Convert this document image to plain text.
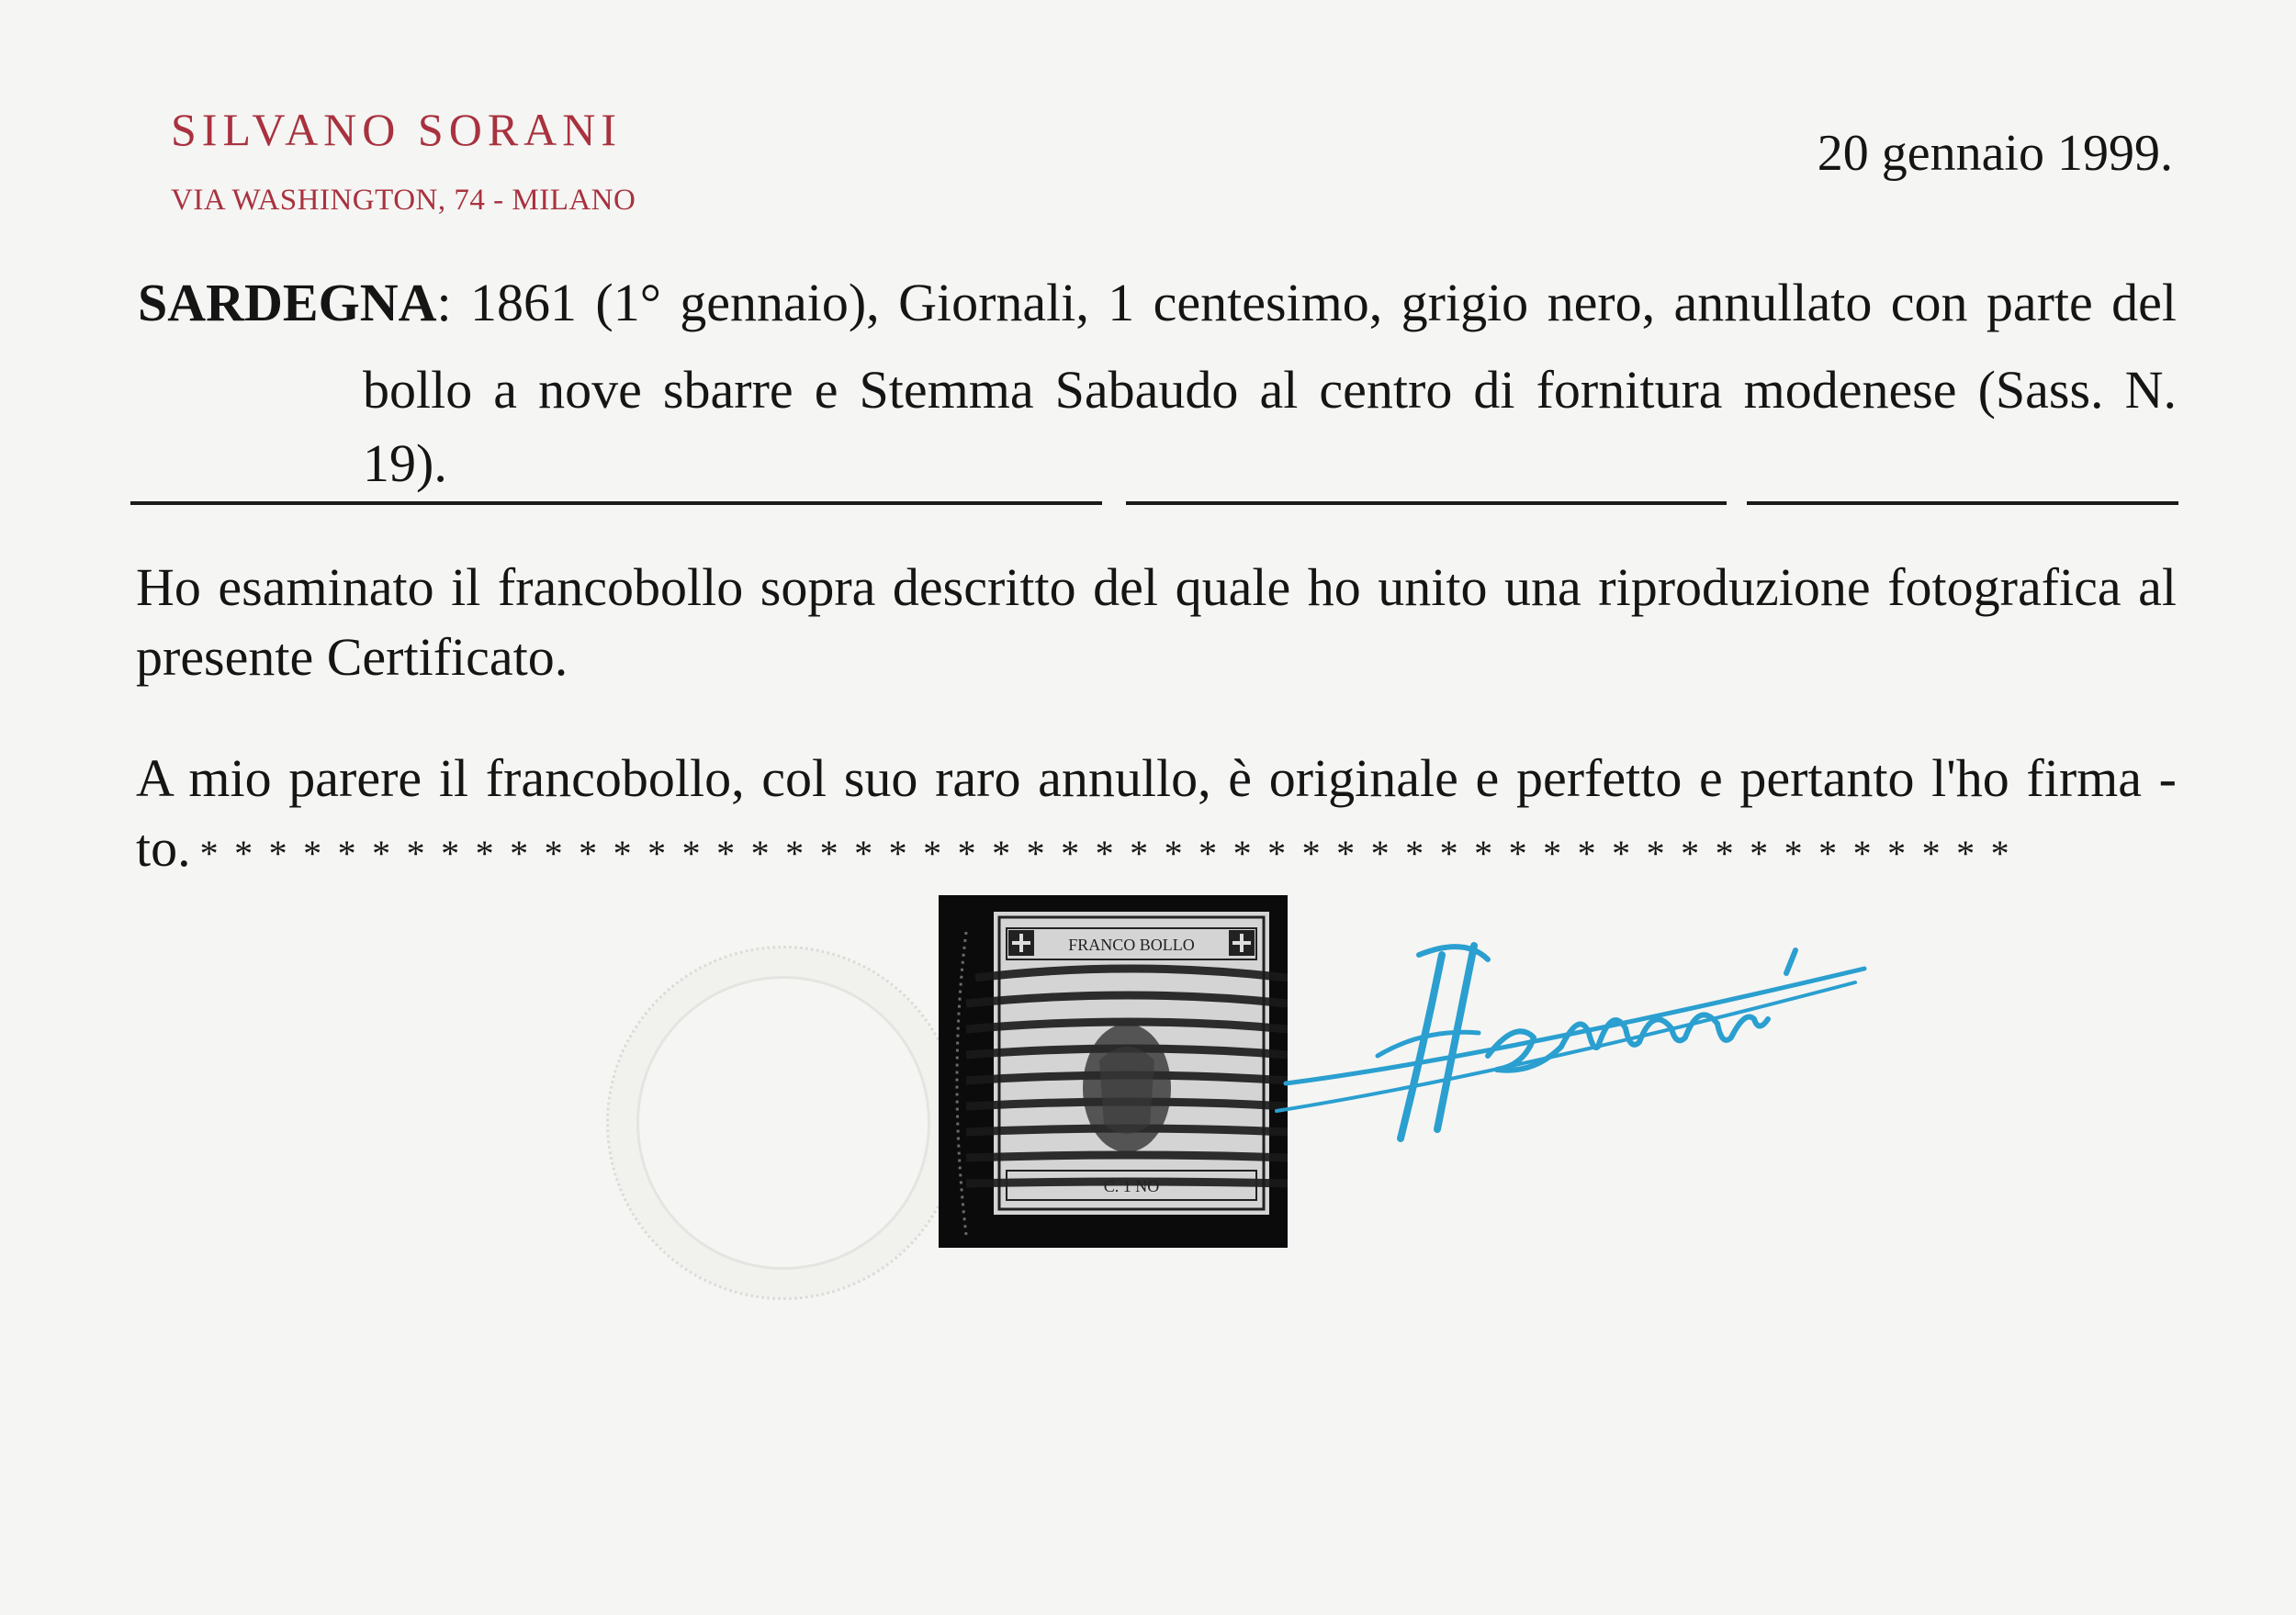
SILVANO SORANI
VIA WASHINGTON, 74 - MILANO
20 gennaio 1999.
SARDEGNA: 1861 (1° gennaio), Giornali, 1 centesimo, grigio nero, annullato con parte del
bollo a nove sbarre e Stemma Sabaudo al centro di fornitura modenese (Sass. N.
19).
Ho esaminato il francobollo sopra descritto del quale ho unito una riproduzione fotografica al
presente Certificato.
A mio parere il francobollo, col suo raro annullo, è originale e perfetto e pertanto l'ho firma -
to. *****************************************************
FRANCO BOLLO
C. 1 NO
